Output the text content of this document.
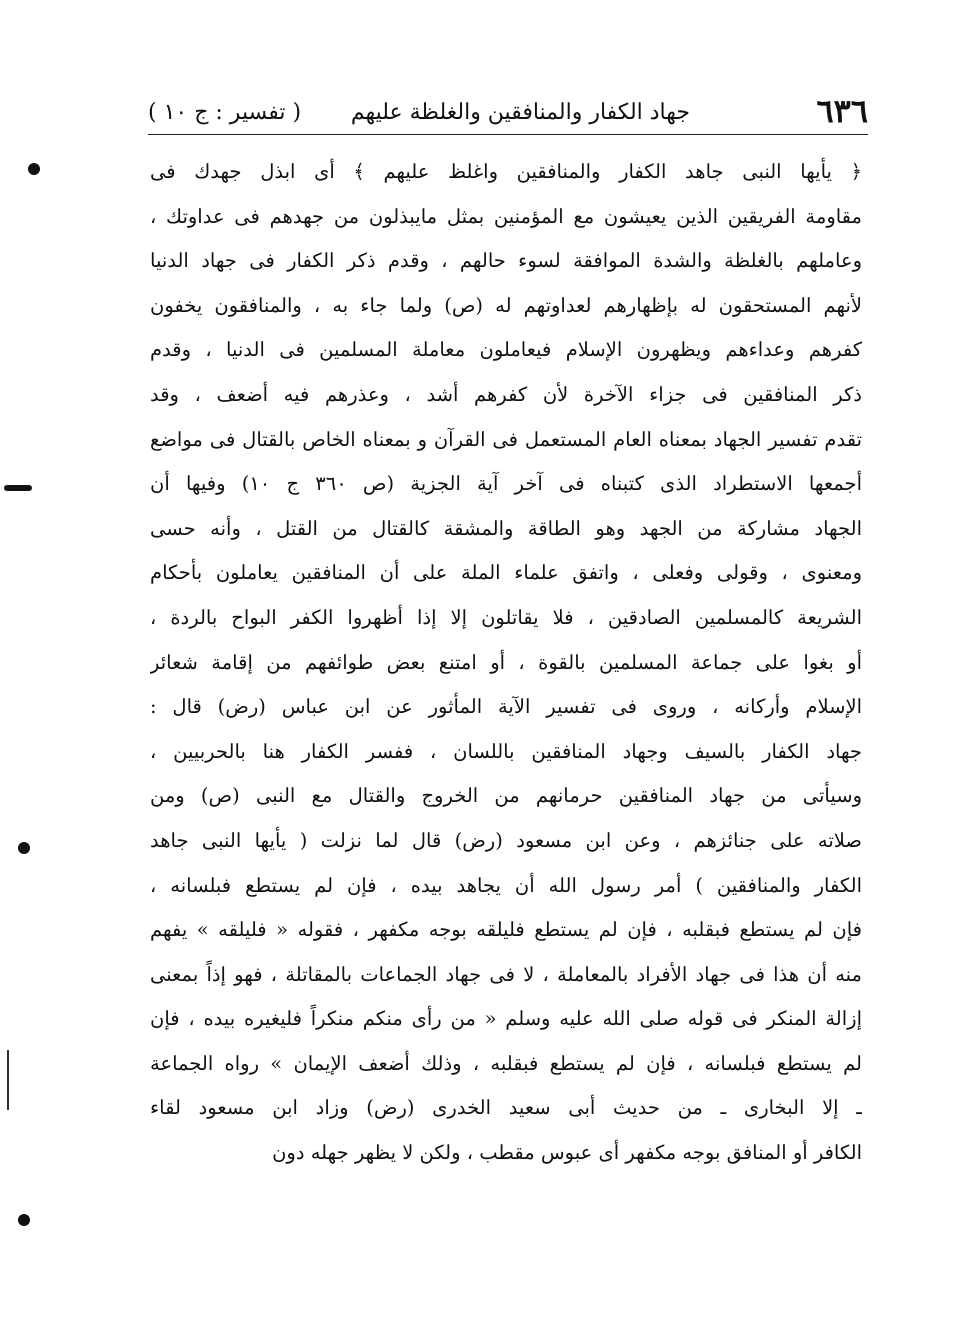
٦٣٦
جهاد الكفار والمنافقين والغلظة عليهم
( تفسير : ج ١٠ )
﴿ يأيها النبى جاهد الكفار والمنافقين واغلظ عليهم ﴾ أى ابذل جهدك فى
مقاومة الفريقين الذين يعيشون مع المؤمنين بمثل مايبذلون من جهدهم فى عداوتك ،
وعاملهم بالغلظة والشدة الموافقة لسوء حالهم ، وقدم ذكر الكفار فى جهاد الدنيا
لأنهم المستحقون له بإظهارهم لعداوتهم له (ص) ولما جاء به ، والمنافقون يخفون
كفرهم وعداءهم ويظهرون الإسلام فيعاملون معاملة المسلمين فى الدنيا ، وقدم
ذكر المنافقين فى جزاء الآخرة لأن كفرهم أشد ، وعذرهم فيه أضعف ، وقد
تقدم تفسير الجهاد بمعناه العام المستعمل فى القرآن و بمعناه الخاص بالقتال فى مواضع
أجمعها الاستطراد الذى كتبناه فى آخر آية الجزية (ص ٣٦٠ ج ١٠) وفيها أن
الجهاد مشاركة من الجهد وهو الطاقة والمشقة كالقتال من القتل ، وأنه حسى
ومعنوى ، وقولى وفعلى ، واتفق علماء الملة على أن المنافقين يعاملون بأحكام
الشريعة كالمسلمين الصادقين ، فلا يقاتلون إلا إذا أظهروا الكفر البواح بالردة ،
أو بغوا على جماعة المسلمين بالقوة ، أو امتنع بعض طوائفهم من إقامة شعائر
الإسلام وأركانه ، وروى فى تفسير الآية المأثور عن ابن عباس (رض) قال :
جهاد الكفار بالسيف وجهاد المنافقين باللسان ، ففسر الكفار هنا بالحربيين ،
وسيأتى من جهاد المنافقين حرمانهم من الخروج والقتال مع النبى (ص) ومن
صلاته على جنائزهم ، وعن ابن مسعود (رض) قال لما نزلت ( يأيها النبى جاهد
الكفار والمنافقين ) أمر رسول الله أن يجاهد بيده ، فإن لم يستطع فبلسانه ،
فإن لم يستطع فبقلبه ، فإن لم يستطع فليلقه بوجه مكفهر ، فقوله « فليلقه » يفهم
منه أن هذا فى جهاد الأفراد بالمعاملة ، لا فى جهاد الجماعات بالمقاتلة ، فهو إذاً بمعنى
إزالة المنكر فى قوله صلى الله عليه وسلم « من رأى منكم منكراً فليغيره بيده ، فإن
لم يستطع فبلسانه ، فإن لم يستطع فبقلبه ، وذلك أضعف الإيمان » رواه الجماعة
ـ إلا البخارى ـ من حديث أبى سعيد الخدرى (رض) وزاد ابن مسعود لقاء
الكافر أو المنافق بوجه مكفهر أى عبوس مقطب ، ولكن لا يظهر جهله دون
